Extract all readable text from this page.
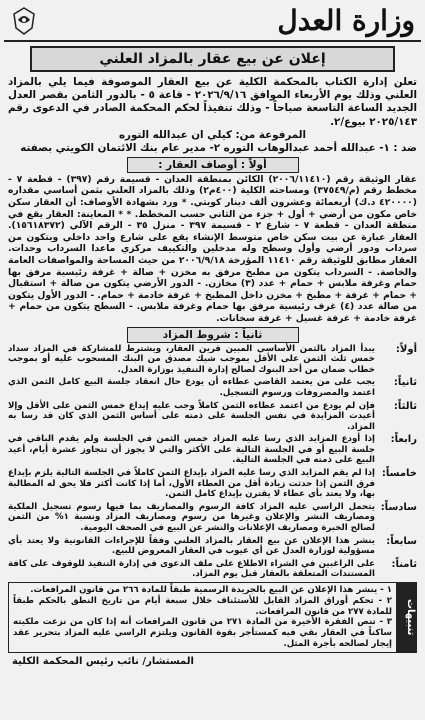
وزارة العدل
إعلان عن بيع عقار بالمزاد العلني

تعلن إدارة الكتاب بالمحكمة الكلية عن بيع العقار الموصوفة فيما يلي بالمزاد العلني وذلك يوم الأربعاء الموافق ٢٠٢٦/٩/١٦ - قاعة ٥ - بالدور الثامن بقصر العدل الجديد الساعة التاسعة صباحاً - وذلك تنفيذاً لحكم المحكمة الصادر في الدعوى رقم ٢٠٢٥/١٤٣ بيوع/٢.

المرفوعة من: كيلي ان عبدالله التوره
ضد : ١- عبدالله أحمد عبدالوهاب التوره ٢- مدير عام بنك الائتمان الكويتي بصفته
أولاً : أوصاف العقار :

عقار الوثيقة رقم (٢٠٠٦/١١٤١٠) الكائن بمنطقة العدان - قسيمة رقم (٣٩٧) - قطعة ٧ - مخطط رقم (م/٣٧٥٤٩) ومساحته الكلية (٤٠٠م٢) وذلك بالمزاد العلني بثمن أساسي مقداره (٤٢٠٠٠٠ د.ك) أربعمائة وعشرون ألف دينار كويتي. * ورد بشهادة الأوصاف: أن العقار سكن خاص مكون من أرضي + أول + جزء من الثاني حسب المخطط. * * المعاينة: العقار يقع في منطقة العدان - قطعة ٧ - شارع ٢ - قسيمة ٣٩٧ - منزل ٣٥ - الرقم الآلي (١٥٦١٨٣٧٢). العقار عبارة عن بيت سكن خاص متوسط الإنشاء يقع على شارع واحد داخلي ويتكون من سرداب ودور أرضي وأول وسطح وله مدخلين والتكييف مركزي ماعدا السرداب وحدات. العقار مطابق للوثيقة رقم ١١٤١٠ المؤرخة ٢٠٠٦/٩/١٨ من حيث المساحة والمواصفات العامة والخاصة. - السرداب يتكون من مطبخ مرفق به مخزن + صالة + غرفة رئيسية مرفق بها حمام وغرفة ملابس + حمام + عدد (٣) مخازن. - الدور الأرضي يتكون من صالة + استقبال + حمام + غرفة + مطبخ + مخزن داخل المطبخ + غرفة خادمة + حمام. - الدور الأول يتكون من صالة عدد (٤) غرف رئيسية مرفق بها حمام وغرفة ملابس. - السطح يتكون من حمام + غرفة خادمة + غرفة غسيل + غرفة سخانات.

ثانياً : شروط المزاد
أولاً:
يبدأ المزاد بالثمن الأساسي المبين قرين العقار، ويشترط للمشاركة في المزاد سداد خمس ثلث الثمن على الأقل بموجب شيك مصدق من البنك المسحوب عليه أو بموجب خطاب ضمان من أحد البنوك لصالح إدارة التنفيذ بوزارة العدل.
ثانياً:
يجب على من يعتمد القاضي عطاءه أن يودع حال انعقاد جلسة البيع كامل الثمن الذي اعتمد والمصروفات ورسوم التسجيل.
ثالثاً:
فإن لم يودع من اعتمد عطاءه الثمن كاملاً وجب عليه إيداع خمس الثمن على الأقل وإلا أعيدت المزايدة في نفس الجلسة على ذمته على أساس الثمن الذي كان قد رسا به المزاد.
رابعاً:
إذا أودع المزايد الذي رسا عليه المزاد خمس الثمن في الجلسة ولم يقدم الباقي في جلسة البيع أو في الجلسة التالية على الأكثر والتي لا يجوز أن تتجاوز عشرة أيام، أعيد البيع على ذمته في الجلسة التالية.
خامساً:
إذا لم يقم المزايد الذي رسا عليه المزاد بإيداع الثمن كاملاً في الجلسة التالية يلزم بإيداع فرق الثمن إذا حدثت زيادة أقل من العطاء الأول، أما إذا كانت أكثر فلا يحق له المطالبة بها، ولا يعتد بأي عطاء لا يقترن بإيداع كامل الثمن.
سادساً:
يتحمل الراسي عليه المزاد كافة الرسوم والمصاريف بما فيها رسوم تسجيل الملكية ومصاريف النشر والإعلان وغيرها من رسوم ومصاريف المزاد ونسبة ١% من الثمن لصالح الخبرة ومصاريف الإعلانات والنشر عن البيع في الصحف اليومية.
سابعاً:
ينشر هذا الإعلان عن بيع العقار بالمزاد العلني وفقاً للإجراءات القانونية ولا يعتد بأي مسؤولية لوزارة العدل عن أي عيوب في العقار المعروض للبيع.
ثامناً:
على الراغبين في الشراء الاطلاع على ملف الدعوى في إدارة التنفيذ للوقوف على كافة المستندات المتعلقة بالعقار قبل يوم المزاد.
تنبيهات

١ - ينشر هذا الإعلان عن البيع بالجريدة الرسمية طبقاً للمادة ٢٦٦ من قانون المرافعات.

٢ - تحكم أوراق المزاد القابل للأستئناف خلال سبعة أيام من تاريخ النطق بالحكم طبقاً للمادة ٢٧٧ من قانون المرافعات.

٣ - تنص الفقرة الأخيرة من المادة ٢٧١ من قانون المرافعات أنه إذا كان من نزعت ملكيته ساكناً في العقار بقي فيه كمستأجر بقوة القانون ويلتزم الراسي عليه المزاد بتحرير عقد إيجار لصالحه بأجرة المثل.

المستشار/ نائب رئيس المحكمة الكلية
